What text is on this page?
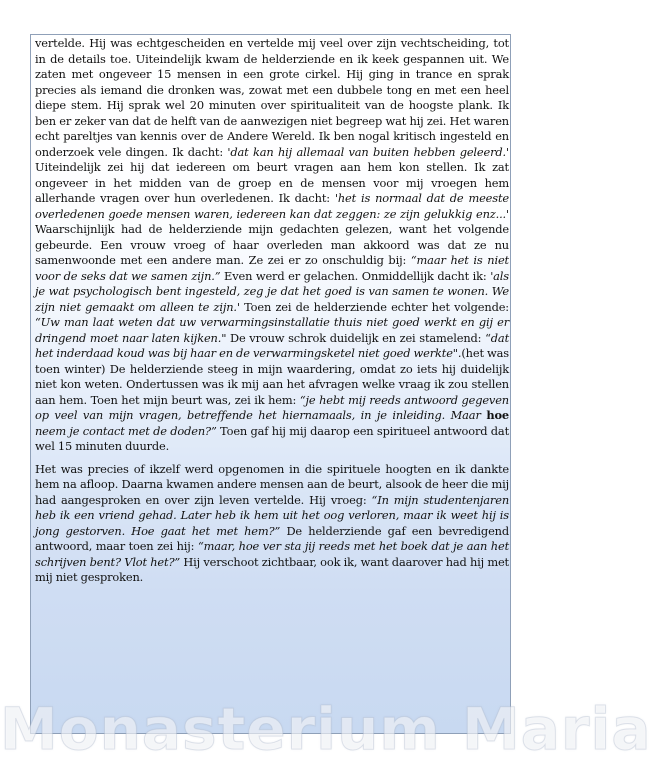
vertelde. Hij was echtgescheiden en vertelde mij veel over zijn vechtscheiding, tot in de details toe. Uiteindelijk kwam de helderziende en ik keek gespannen uit. We zaten met ongeveer 15 mensen in een grote cirkel. Hij ging in trance en sprak precies als iemand die dronken was, zowat met een dubbele tong en met een heel diepe stem. Hij sprak wel 20 minuten over spiritualiteit van de hoogste plank. Ik ben er zeker van dat de helft van de aanwezigen niet begreep wat hij zei. Het waren echt pareltjes van kennis over de Andere Wereld. Ik ben nogal kritisch ingesteld en onderzoek vele dingen. Ik dacht: 'dat kan hij allemaal van buiten hebben geleerd.' Uiteindelijk zei hij dat iedereen om beurt vragen aan hem kon stellen. Ik zat ongeveer in het midden van de groep en de mensen voor mij vroegen hem allerhande vragen over hun overledenen. Ik dacht: 'het is normaal dat de meeste overledenen goede mensen waren, iedereen kan dat zeggen: ze zijn gelukkig enz...' Waarschijnlijk had de helderziende mijn gedachten gelezen, want het volgende gebeurde. Een vrouw vroeg of haar overleden man akkoord was dat ze nu samenwoonde met een andere man. Ze zei er zo onschuldig bij: “maar het is niet voor de seks dat we samen zijn.” Even werd er gelachen. Onmiddellijk dacht ik: 'als je wat psychologisch bent ingesteld, zeg je dat het goed is van samen te wonen. We zijn niet gemaakt om alleen te zijn.' Toen zei de helderziende echter het volgende: “Uw man laat weten dat uw verwarmingsinstallatie thuis niet goed werkt en gij er dringend moet naar laten kijken." De vrouw schrok duidelijk en zei stamelend: “dat het inderdaad koud was bij haar en de verwarmingsketel niet goed werkte".(het was toen winter) De helderziende steeg in mijn waardering, omdat zo iets hij duidelijk niet kon weten. Ondertussen was ik mij aan het afvragen welke vraag ik zou stellen aan hem. Toen het mijn beurt was, zei ik hem: “je hebt mij reeds antwoord gegeven op veel van mijn vragen, betreffende het hiernamaals, in je inleiding. Maar hoe neem je contact met de doden?” Toen gaf hij mij daarop een spiritueel antwoord dat wel 15 minuten duurde.

Het was precies of ikzelf werd opgenomen in die spirituele hoogten en ik dankte hem na afloop. Daarna kwamen andere mensen aan de beurt, alsook de heer die mij had aangesproken en over zijn leven vertelde. Hij vroeg: “In mijn studentenjaren heb ik een vriend gehad. Later heb ik hem uit het oog verloren, maar ik weet hij is jong gestorven. Hoe gaat het met hem?” De helderziende gaf een bevredigend antwoord, maar toen zei hij: “maar, hoe ver sta jij reeds met het boek dat je aan het schrijven bent? Vlot het?” Hij verschoot zichtbaar, ook ik, want daarover had hij met mij niet gesproken.

Monasterium Maria
